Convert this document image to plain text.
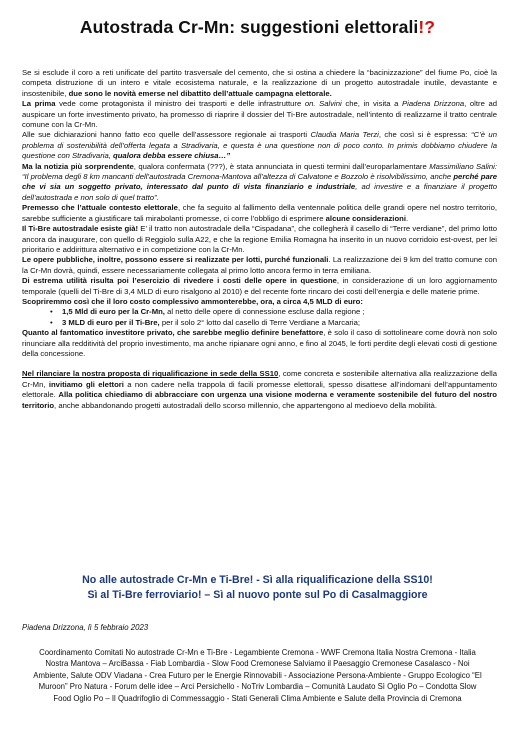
Autostrada Cr-Mn: suggestioni elettorali!?

Se si esclude il coro a reti unificate del partito trasversale del cemento, che si ostina a chiedere la “bacinizzazione” del fiume Po, cioè la competa distruzione di un intero e vitale ecosistema naturale, e la realizzazione di un progetto autostradale inutile, devastante e insostenibile, due sono le novità emerse nel dibattito dell’attuale campagna elettorale.

La prima vede come protagonista il ministro dei trasporti e delle infrastrutture on. Salvini che, in visita a Piadena Drizzona, oltre ad auspicare un forte investimento privato, ha promesso di riaprire il dossier del Ti-Bre autostradale, nell’intento di realizzarne il tratto centrale comune con la Cr-Mn.

Alle sue dichiarazioni hanno fatto eco quelle dell’assessore regionale ai trasporti Claudia Maria Terzi, che così si è espressa: “C’è un problema di sostenibilità dell’offerta legata a Stradivaria, e questa è una questione non di poco conto. In primis dobbiamo chiudere la questione con Stradivaria, qualora debba essere chiusa…”

Ma la notizia più sorprendente, qualora confermata (???), è stata annunciata in questi termini dall’europarlamentare Massimiliano Salini: “Il problema degli 8 km mancanti dell’autostrada Cremona-Mantova all’altezza di Calvatone e Bozzolo è risolvibilissimo, anche perché pare che vi sia un soggetto privato, interessato dal punto di vista finanziario e industriale, ad investire e a finanziare il progetto dell’autostrada e non solo di quel tratto”.

Premesso che l’attuale contesto elettorale, che fa seguito al fallimento della ventennale politica delle grandi opere nel nostro territorio, sarebbe sufficiente a giustificare tali mirabolanti promesse, ci corre l’obbligo di esprimere alcune considerazioni.

Il Ti-Bre autostradale esiste già! E’ il tratto non autostradale della “Cispadana”, che collegherà il casello di “Terre verdiane”, del primo lotto ancora da inaugurare, con quello di Reggiolo sulla A22, e che la regione Emilia Romagna ha inserito in un nuovo corridoio est-ovest, per lei prioritario e addirittura alternativo e in competizione con la Cr-Mn.

Le opere pubbliche, inoltre, possono essere si realizzate per lotti, purché funzionali. La realizzazione dei 9 km del tratto comune con la Cr-Mn dovrà, quindi, essere necessariamente collegata al primo lotto ancora fermo in terra emiliana.

Di estrema utilità risulta poi l’esercizio di rivedere i costi delle opere in questione, in considerazione di un loro aggiornamento temporale (quelli del Ti-Bre di 3,4 MLD di euro risalgono al 2010) e del recente forte rincaro dei costi dell’energia e delle materie prime.

Scopriremmo così che il loro costo complessivo ammonterebbe, ora, a circa 4,5 MLD di euro:

• 1,5 Mld di euro per la Cr-Mn, al netto delle opere di connessione escluse dalla regione ;
• 3 MLD di euro per il Ti-Bre, per il solo 2° lotto dal casello di Terre Verdiane a Marcaria;

Quanto al fantomatico investitore privato, che sarebbe meglio definire benefattore, è solo il caso di sottolineare come dovrà non solo rinunciare alla redditività del proprio investimento, ma anche ripianare ogni anno, e fino al 2045, le forti perdite degli elevati costi di gestione della concessione.

Nel rilanciare la nostra proposta di riqualificazione in sede della SS10, come concreta e sostenibile alternativa alla realizzazione della Cr-Mn, invitiamo gli elettori a non cadere nella trappola di facili promesse elettorali, spesso disattese all’indomani dell’appuntamento elettorale. Alla politica chiediamo di abbracciare con urgenza una visione moderna e veramente sostenibile del futuro del nostro territorio, anche abbandonando progetti autostradali dello scorso millennio, che appartengono al medioevo della mobilità.

No alle autostrade Cr-Mn e Ti-Bre! - Sì alla riqualificazione della SS10!
Sì al Ti-Bre ferroviario! – Sì al nuovo ponte sul Po di Casalmaggiore
Piadena Drizzona, lì 5 febbraio 2023
Coordinamento Comitati No autostrade Cr-Mn e Ti-Bre - Legambiente Cremona - WWF Cremona Italia Nostra Cremona - Italia Nostra Mantova – ArciBassa - Fiab Lombardia - Slow Food Cremonese Salviamo il Paesaggio Cremonese Casalasco - Noi Ambiente, Salute ODV Viadana - Crea Futuro per le Energie Rinnovabili - Associazione Persona-Ambiente - Gruppo Ecologico “El Muroon” Pro Natura - Forum delle idee – Arci Persichello - NoTriv Lombardia – Comunità Laudato Sì Oglio Po – Condotta Slow Food Oglio Po – Il Quadrifoglio di Commessaggio - Stati Generali Clima Ambiente e Salute della Provincia di Cremona
